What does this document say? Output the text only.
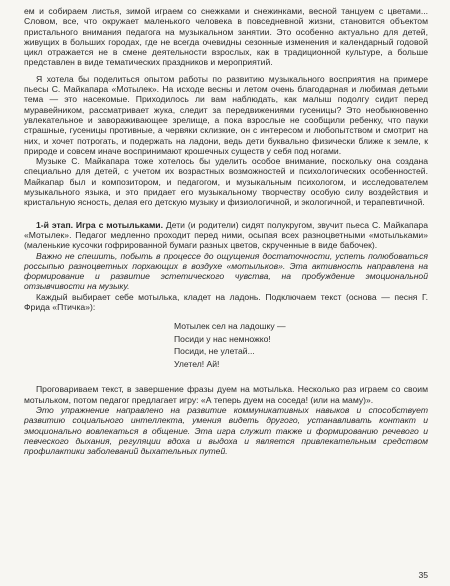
ем и собираем листья, зимой играем со снежками и снежинками, весной танцуем с цветами... Словом, все, что окружает маленького человека в повседневной жизни, становится объектом пристального внимания педагога на музыкальном занятии. Это особенно актуально для детей, живущих в больших городах, где не всегда очевидны сезонные изменения и календарный годовой цикл отражается не в смене деятельности взрослых, как в традиционной культуре, а больше представлен в виде тематических праздников и мероприятий.

Я хотела бы поделиться опытом работы по развитию музыкального восприятия на примере пьесы С. Майкапара «Мотылек». На исходе весны и летом очень благодарная и любимая детьми тема — это насекомые. Приходилось ли вам наблюдать, как малыш подолгу сидит перед муравейником, рассматривает жука, следит за передвижениями гусеницы? Это необыкновенно увлекательное и завораживающее зрелище, а пока взрослые не сообщили ребенку, что пауки страшные, гусеницы противные, а червяки склизкие, он с интересом и любопытством и смотрит на них, и хочет потрогать, и подержать на ладони, ведь дети буквально физически ближе к земле, к природе и совсем иначе воспринимают крошечных существ у себя под ногами.

Музыке С. Майкапара тоже хотелось бы уделить особое внимание, поскольку она создана специально для детей, с учетом их возрастных возможностей и психологических особенностей. Майкапар был и композитором, и педагогом, и музыкальным психологом, и исследователем музыкального языка, и это придает его музыкальному творчеству особую силу воздействия и кристальную ясность, делая его детскую музыку и физиологичной, и экологичной, и терапевтичной.

1-й этап. Игра с мотыльками. Дети (и родители) сидят полукругом, звучит пьеса С. Майкапара «Мотылек». Педагог медленно проходит перед ними, осыпая всех разноцветными «мотыльками» (маленькие кусочки гофрированной бумаги разных цветов, скрученные в виде бабочек).

Важно не спешить, побыть в процессе до ощущения достаточности, успеть полюбоваться россыпью разноцветных порхающих в воздухе «мотыльков». Эта активность направлена на формирование и развитие эстетического чувства, на пробуждение эмоциональной отзывчивости на музыку.

Каждый выбирает себе мотылька, кладет на ладонь. Подключаем текст (основа — песня Г. Фрида «Птичка»):

Мотылек сел на ладошку —
Посиди у нас немножко!
Посиди, не улетай...
Улетел! Ай!

Проговариваем текст, в завершение фразы дуем на мотылька. Несколько раз играем со своим мотыльком, потом педагог предлагает игру: «А теперь дуем на соседа! (или на маму)».

Это упражнение направлено на развитие коммуникативных навыков и способствует развитию социального интеллекта, умения видеть другого, устанавливать контакт и эмоционально вовлекаться в общение. Эта игра служит также и формированию речевого и певческого дыхания, регуляции вдоха и выдоха и является привлекательным средством профилактики заболеваний дыхательных путей.

35
